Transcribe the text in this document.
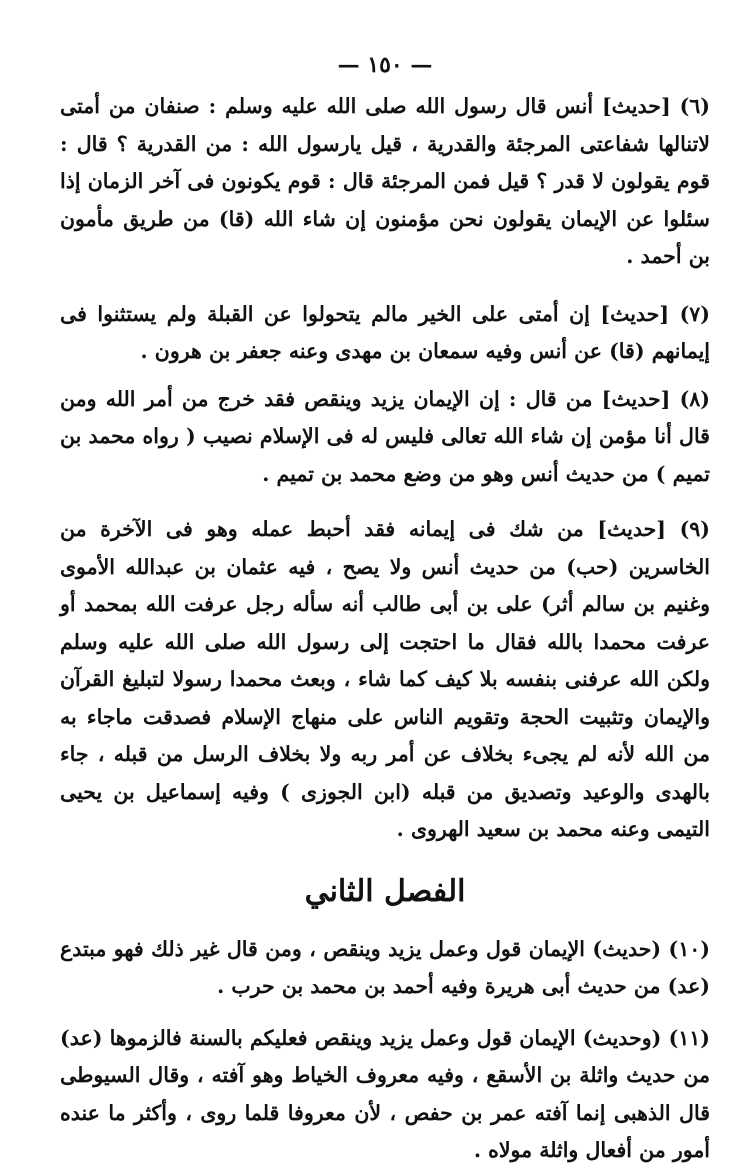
— ١٥٠ —

(٦) [حديث] أنس قال رسول الله صلى الله عليه وسلم : صنفان من أمتى لاتنالها شفاعتى المرجئة والقدرية ، قيل يارسول الله : من القدرية ؟ قال : قوم يقولون لا قدر ؟ قيل فمن المرجئة قال : قوم يكونون فى آخر الزمان إذا سئلوا عن الإيمان يقولون نحن مؤمنون إن شاء الله (قا) من طريق مأمون بن أحمد .

(٧) [حديث] إن أمتى على الخير مالم يتحولوا عن القبلة ولم يستثنوا فى إيمانهم (قا) عن أنس وفيه سمعان بن مهدى وعنه جعفر بن هرون .

(٨) [حديث] من قال : إن الإيمان يزيد وينقص فقد خرج من أمر الله ومن قال أنا مؤمن إن شاء الله تعالى فليس له فى الإسلام نصيب ( رواه محمد بن تميم ) من حديث أنس وهو من وضع محمد بن تميم .

(٩) [حديث] من شك فى إيمانه فقد أحبط عمله وهو فى الآخرة من الخاسرين (حب) من حديث أنس ولا يصح ، فيه عثمان بن عبدالله الأموى وغنيم بن سالم أثر) على بن أبى طالب أنه سأله رجل عرفت الله بمحمد أو عرفت محمدا بالله فقال ما احتجت إلى رسول الله صلى الله عليه وسلم ولكن الله عرفنى بنفسه بلا كيف كما شاء ، وبعث محمدا رسولا لتبليغ القرآن والإيمان وتثبيت الحجة وتقويم الناس على منهاج الإسلام فصدقت ماجاء به من الله لأنه لم يجىء بخلاف عن أمر ربه ولا بخلاف الرسل من قبله ، جاء بالهدى والوعيد وتصديق من قبله (ابن الجوزى ) وفيه إسماعيل بن يحيى التيمى وعنه محمد بن سعيد الهروى .

الفصل الثاني

(١٠) (حديث) الإيمان قول وعمل يزيد وينقص ، ومن قال غير ذلك فهو مبتدع (عد) من حديث أبى هريرة وفيه أحمد بن محمد بن حرب .

(١١) (وحديث) الإيمان قول وعمل يزيد وينقص فعليكم بالسنة فالزموها (عد) من حديث واثلة بن الأسقع ، وفيه معروف الخياط وهو آفته ، وقال السيوطى قال الذهبى إنما آفته عمر بن حفص ، لأن معروفا قلما روى ، وأكثر ما عنده أمور من أفعال واثلة مولاه .
